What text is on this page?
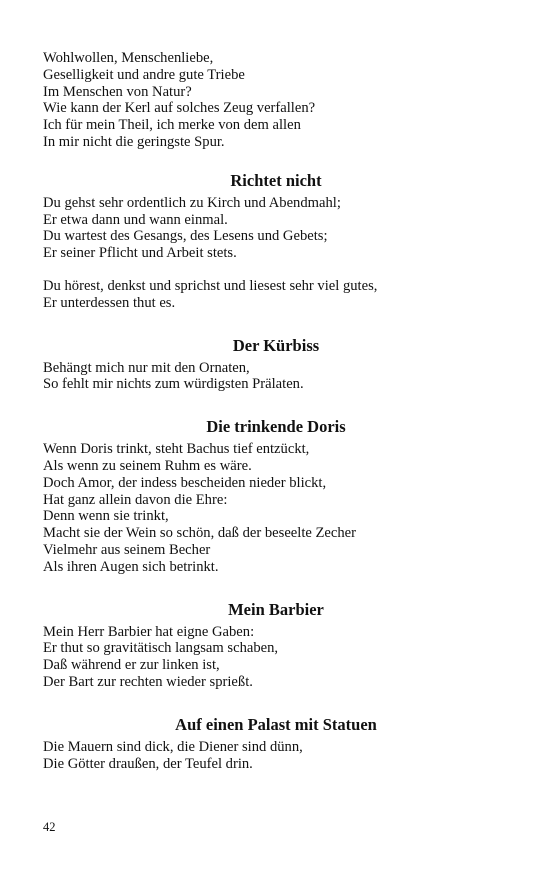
Wohlwollen, Menschenliebe,
Geselligkeit und andre gute Triebe
Im Menschen von Natur?
Wie kann der Kerl auf solches Zeug verfallen?
Ich für mein Theil, ich merke von dem allen
In mir nicht die geringste Spur.
Richtet nicht
Du gehst sehr ordentlich zu Kirch und Abendmahl;
Er etwa dann und wann einmal.
Du wartest des Gesangs, des Lesens und Gebets;
Er seiner Pflicht und Arbeit stets.
Du hörest, denkst und sprichst und liesest sehr viel gutes,
Er unterdessen thut es.
Der Kürbiss
Behängt mich nur mit den Ornaten,
So fehlt mir nichts zum würdigsten Prälaten.
Die trinkende Doris
Wenn Doris trinkt, steht Bachus tief entzückt,
Als wenn zu seinem Ruhm es wäre.
Doch Amor, der indess bescheiden nieder blickt,
Hat ganz allein davon die Ehre:
Denn wenn sie trinkt,
Macht sie der Wein so schön, daß der beseelte Zecher
Vielmehr aus seinem Becher
Als ihren Augen sich betrinkt.
Mein Barbier
Mein Herr Barbier hat eigne Gaben:
Er thut so gravitätisch langsam schaben,
Daß während er zur linken ist,
Der Bart zur rechten wieder sprießt.
Auf einen Palast mit Statuen
Die Mauern sind dick, die Diener sind dünn,
Die Götter draußen, der Teufel drin.
42
